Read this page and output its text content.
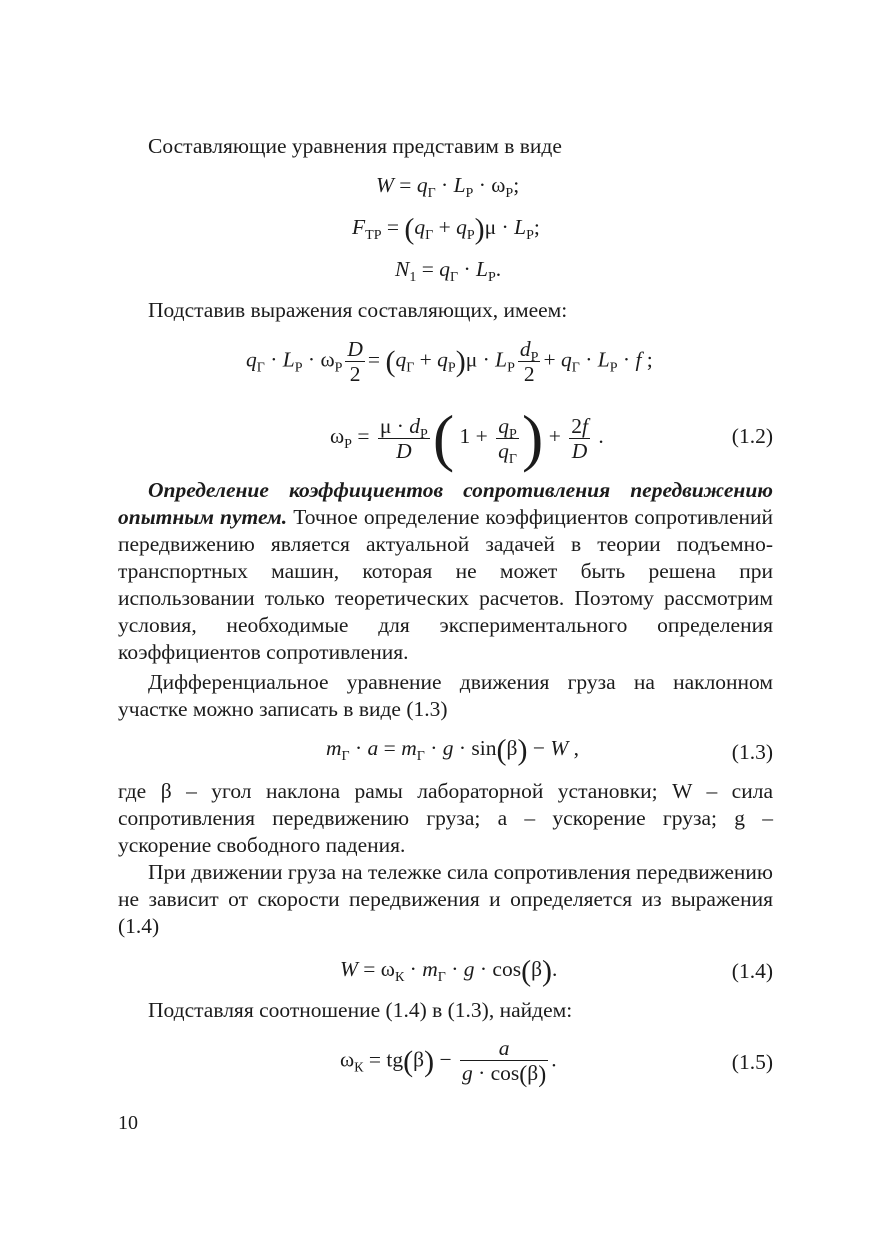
Составляющие уравнения представим в виде

$W = q_Г \cdot L_Р \cdot \omega_Р$;
$F_{ТР} = (q_Г + q_Р)\mu \cdot L_Р$;
$N_1 = q_Г \cdot L_Р$.

Подставив выражения составляющих, имеем:

$q_Г \cdot L_Р \cdot \omega_Р \frac{D}{2} = (q_Г + q_Р)\mu \cdot L_Р \frac{d_Р}{2} + q_Г \cdot L_Р \cdot f$ ;
$\omega_Р = \frac{\mu \cdot d_Р}{D}$ ( $1 + \frac{q_Р}{q_Г}$ ) + $\frac{2f}{D}$ .	(1.2)

Определение коэффициентов сопротивления передвижению опытным путем. Точное определение коэффициентов сопротивлений передвижению является актуальной задачей в теории подъемно-транспортных машин, которая не может быть решена при использовании только теоретических расчетов. Поэтому рассмотрим условия, необходимые для экспериментального определения коэффициентов сопротивления.

Дифференциальное уравнение движения груза на наклонном участке можно записать в виде (1.3)

$m_Г \cdot a = m_Г \cdot g \cdot \sin(\beta) - W$ ,	(1.3)

где β – угол наклона рамы лабораторной установки; W – сила сопротивления передвижению груза; a – ускорение груза; g – ускорение свободного падения.

При движении груза на тележке сила сопротивления передвижению не зависит от скорости передвижения и определяется из выражения (1.4)

$W = \omega_К \cdot m_Г \cdot g \cdot \cos(\beta)$.	(1.4)

Подставляя соотношение (1.4) в (1.3), найдем:

$\omega_К = tg(\beta) - \frac{a}{g \cdot \cos(\beta)}$ .	(1.5)
10
